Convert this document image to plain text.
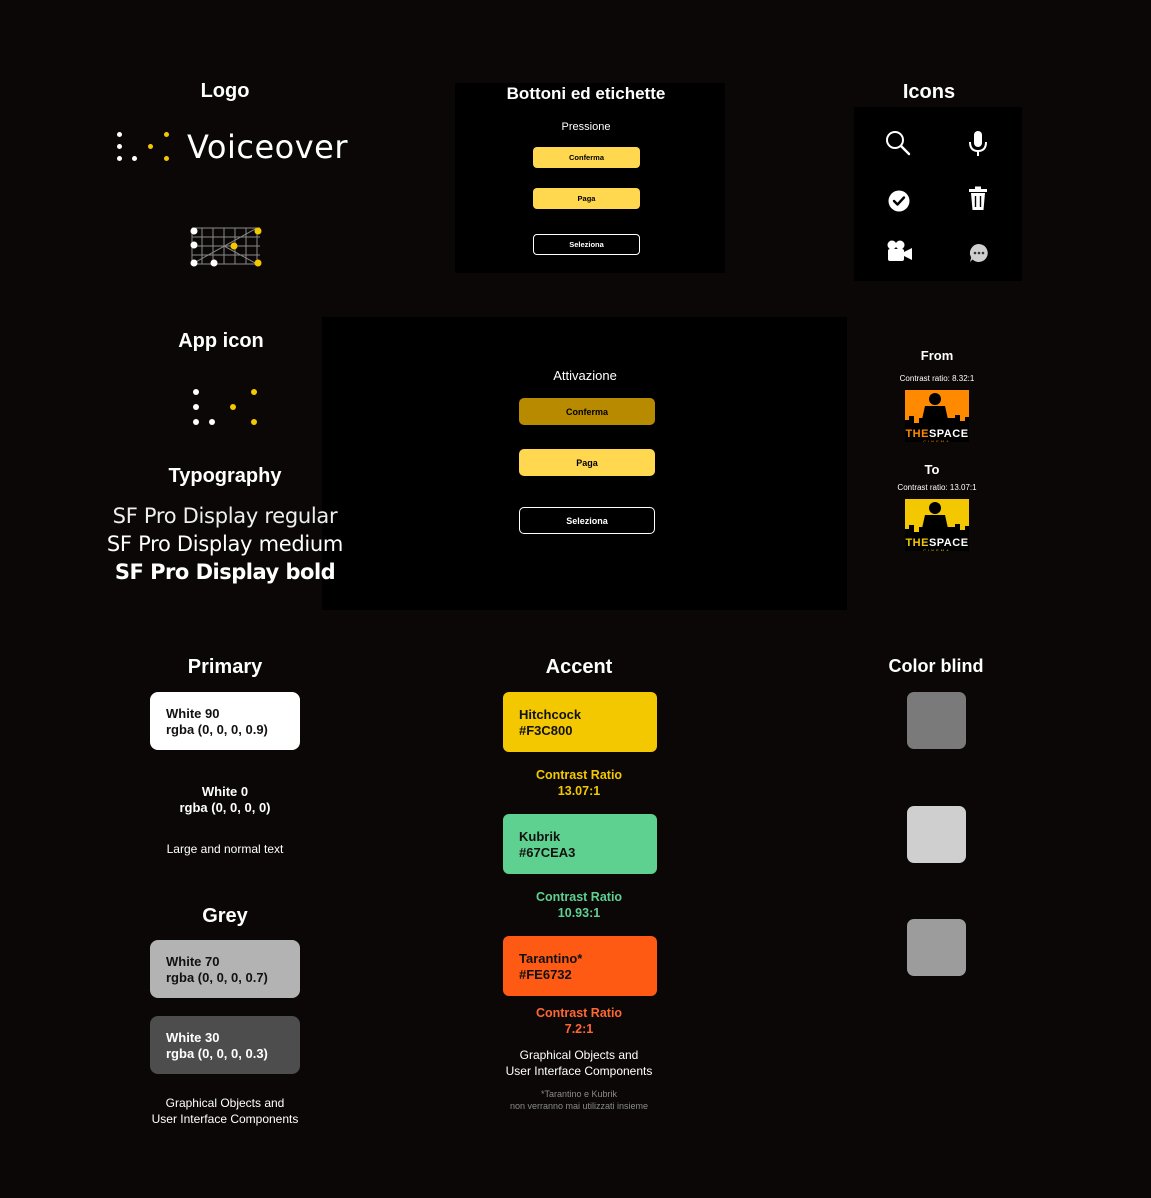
Logo
Voiceover
Bottoni ed etichette
Pressione
Conferma
Paga
Seleziona
Icons
App icon
Typography
SF Pro Display regular
SF Pro Display medium
SF Pro Display bold
Attivazione
Conferma
Paga
Seleziona
From
Contrast ratio: 8.32:1
THESPACE
CINEMA
To
Contrast ratio: 13.07:1
THESPACE
CINEMA
Primary
White 90
rgba (0, 0, 0, 0.9)
White 0
rgba (0, 0, 0, 0)
Large and normal text
Grey
White 70
rgba (0, 0, 0, 0.7)
White 30
rgba (0, 0, 0, 0.3)
Graphical Objects and
User Interface Components
Accent
Hitchcock
#F3C800
Contrast Ratio
13.07:1
Kubrik
#67CEA3
Contrast Ratio
10.93:1
Tarantino*
#FE6732
Contrast Ratio
7.2:1
Graphical Objects and
User Interface Components
*Tarantino e Kubrik
non verranno mai utilizzati insieme
Color blind
